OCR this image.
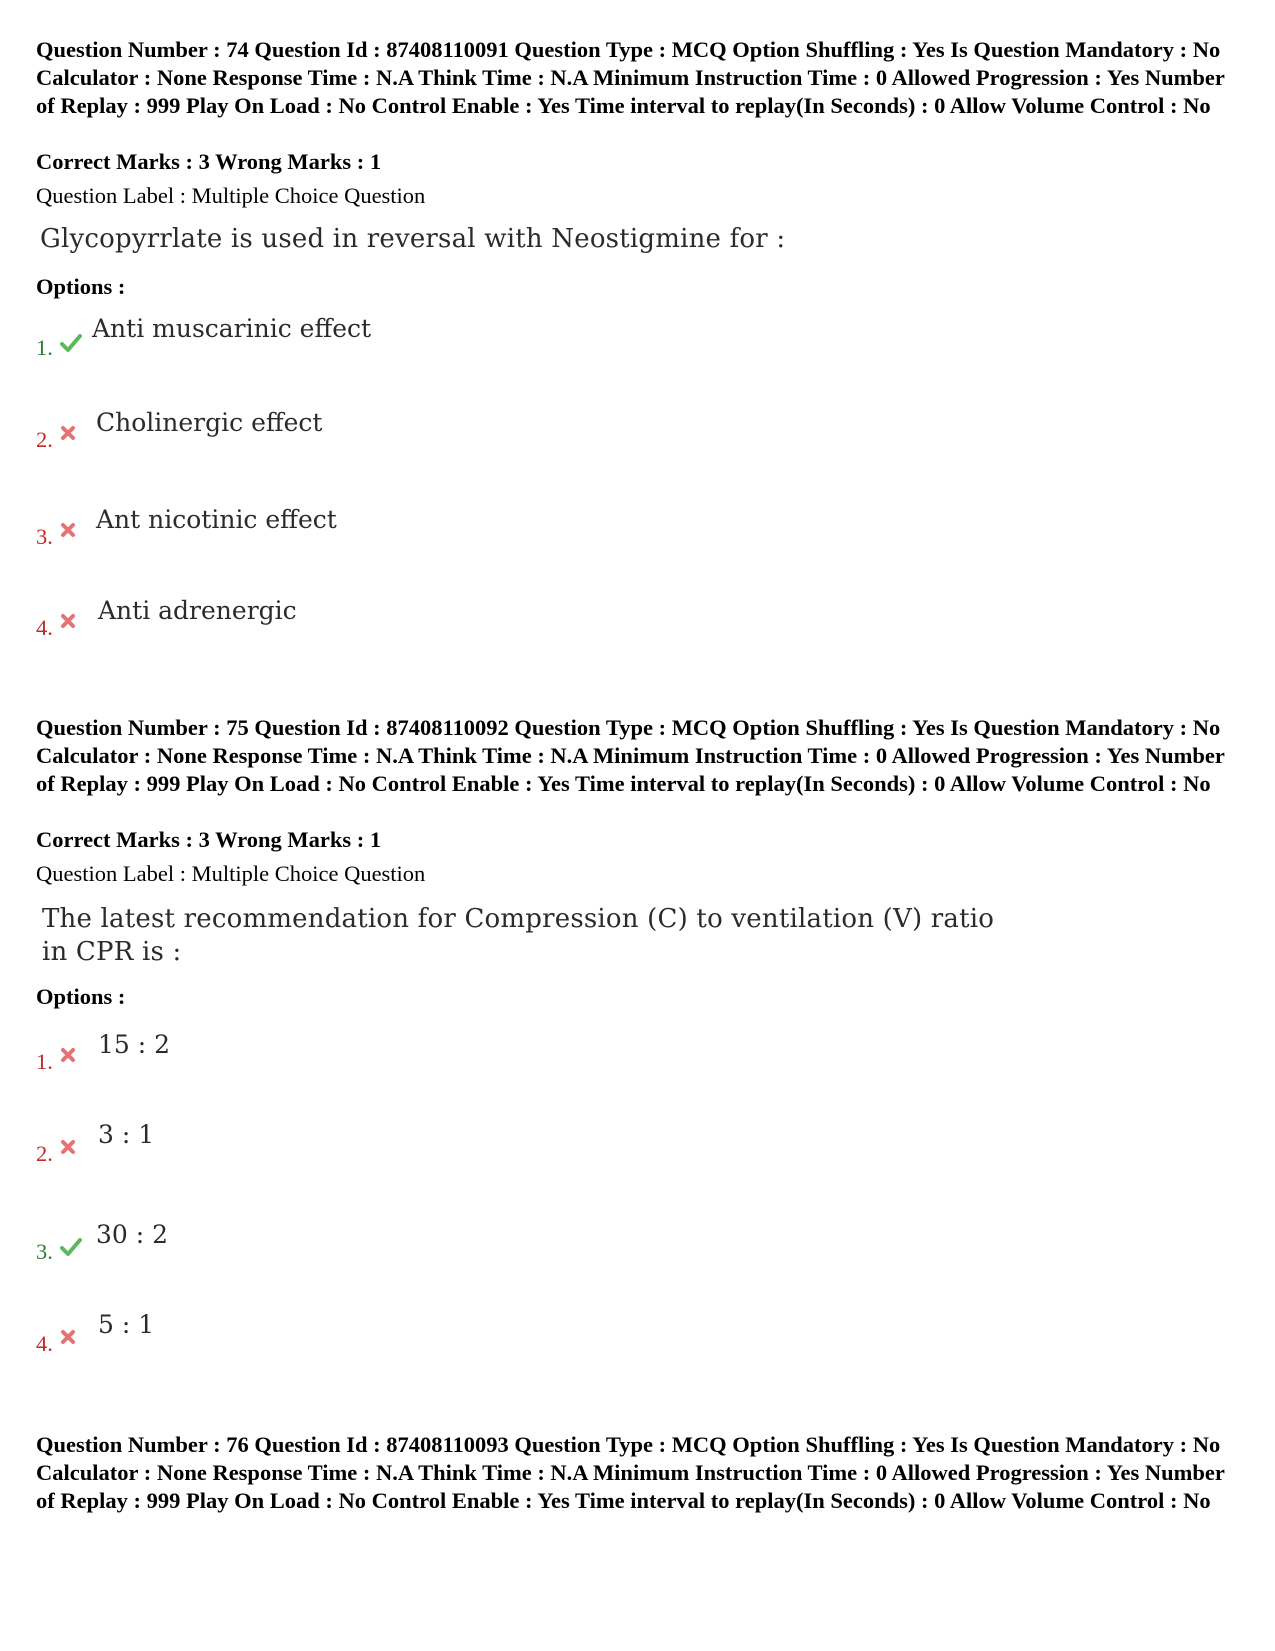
Question Number : 74 Question Id : 87408110091 Question Type : MCQ Option Shuffling : Yes Is Question Mandatory : No Calculator : None Response Time : N.A Think Time : N.A Minimum Instruction Time : 0 Allowed Progression : Yes Number of Replay : 999 Play On Load : No Control Enable : Yes Time interval to replay(In Seconds) : 0 Allow Volume Control : No

Correct Marks : 3 Wrong Marks : 1

Question Label : Multiple Choice Question

Glycopyrrlate is used in reversal with Neostigmine for :

Options :

1.
Anti muscarinic effect
2.
Cholinergic effect
3.
Ant nicotinic effect
4.
Anti adrenergic

Question Number : 75 Question Id : 87408110092 Question Type : MCQ Option Shuffling : Yes Is Question Mandatory : No Calculator : None Response Time : N.A Think Time : N.A Minimum Instruction Time : 0 Allowed Progression : Yes Number of Replay : 999 Play On Load : No Control Enable : Yes Time interval to replay(In Seconds) : 0 Allow Volume Control : No

Correct Marks : 3 Wrong Marks : 1

Question Label : Multiple Choice Question

The latest recommendation for Compression (C) to ventilation (V) ratio

in CPR is :

Options :

1.
15 : 2
2.
3 : 1
3.
30 : 2
4.
5 : 1

Question Number : 76 Question Id : 87408110093 Question Type : MCQ Option Shuffling : Yes Is Question Mandatory : No Calculator : None Response Time : N.A Think Time : N.A Minimum Instruction Time : 0 Allowed Progression : Yes Number of Replay : 999 Play On Load : No Control Enable : Yes Time interval to replay(In Seconds) : 0 Allow Volume Control : No
